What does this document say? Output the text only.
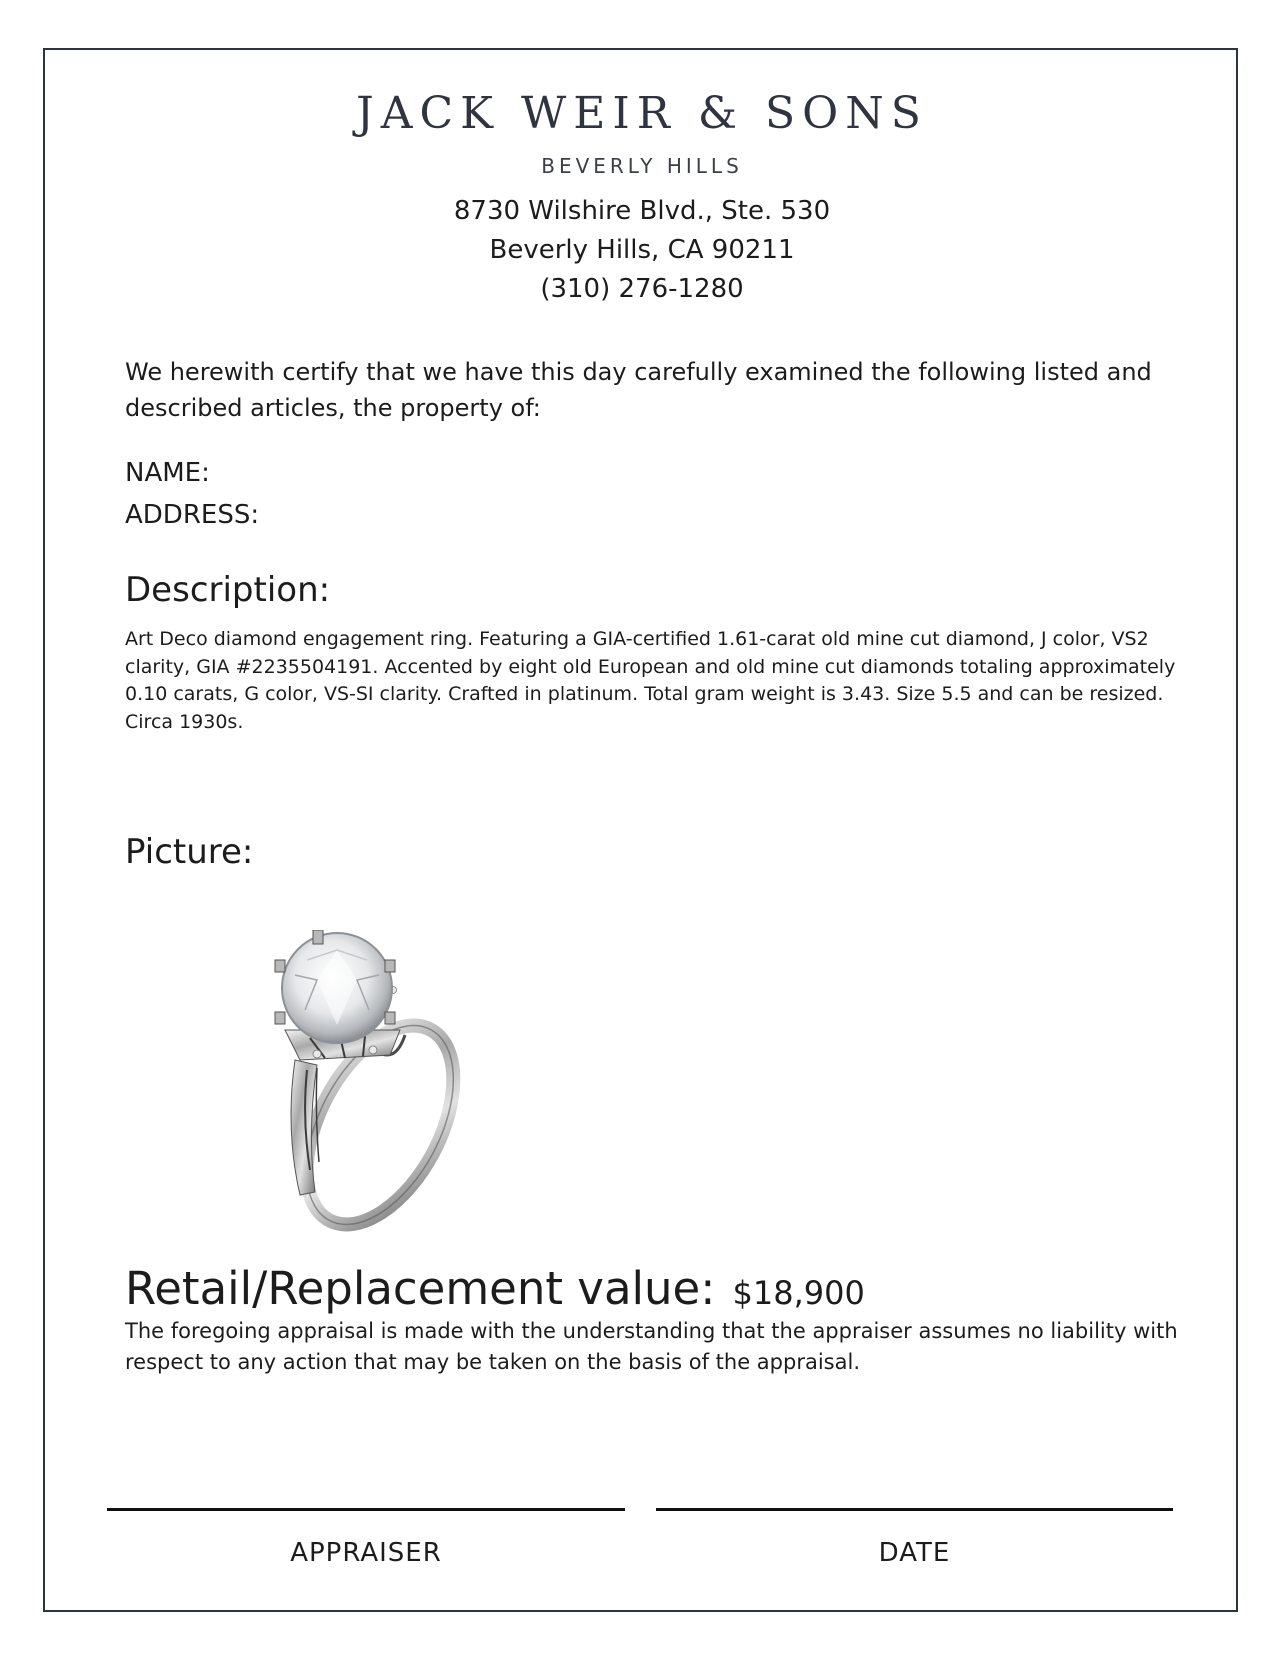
JACK WEIR & SONS
BEVERLY HILLS
8730 Wilshire Blvd., Ste. 530
Beverly Hills, CA 90211
(310) 276-1280
We herewith certify that we have this day carefully examined the following listed and described articles, the property of:
NAME:
ADDRESS:
Description:
Art Deco diamond engagement ring. Featuring a GIA-certified 1.61-carat old mine cut diamond, J color, VS2 clarity, GIA #2235504191. Accented by eight old European and old mine cut diamonds totaling approximately 0.10 carats, G color, VS-SI clarity. Crafted in platinum. Total gram weight is 3.43. Size 5.5 and can be resized. Circa 1930s.
Picture:
Retail/Replacement value: $18,900
The foregoing appraisal is made with the understanding that the appraiser assumes no liability with respect to any action that may be taken on the basis of the appraisal.
APPRAISER	DATE
